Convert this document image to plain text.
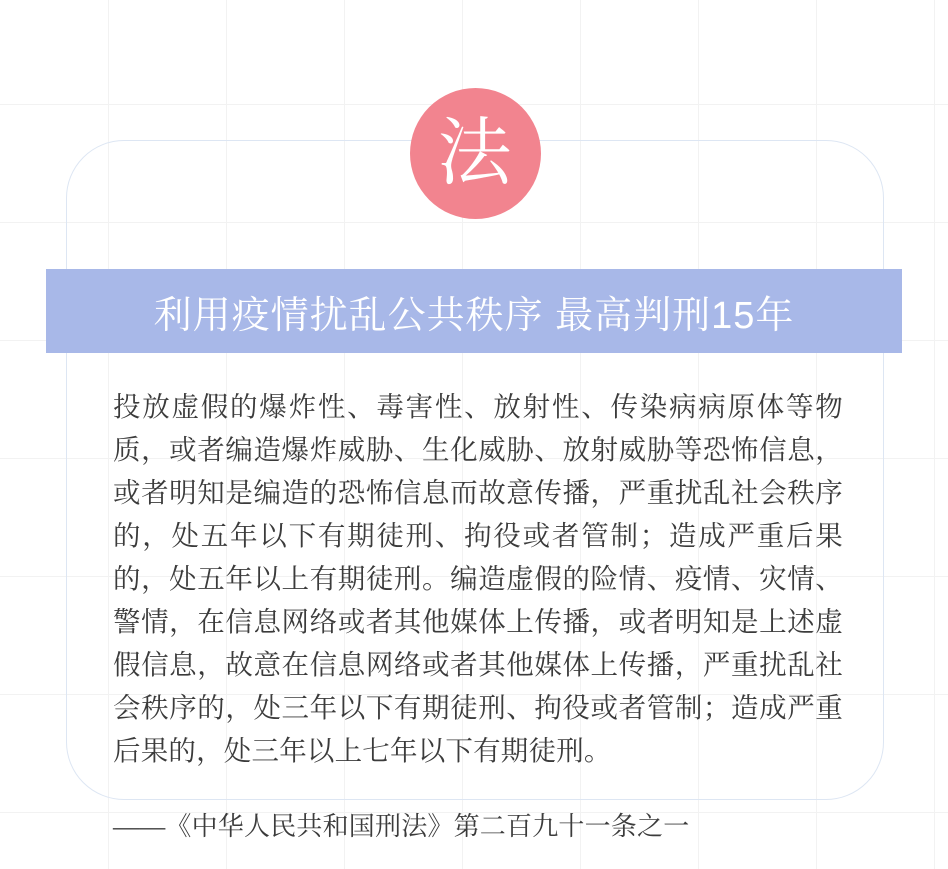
法
利用疫情扰乱公共秩序 最高判刑15年

投放虚假的爆炸性、毒害性、放射性、传染病病原体等物质，或者编造爆炸威胁、生化威胁、放射威胁等恐怖信息，或者明知是编造的恐怖信息而故意传播，严重扰乱社会秩序的，处五年以下有期徒刑、拘役或者管制；造成严重后果的，处五年以上有期徒刑。编造虚假的险情、疫情、灾情、警情，在信息网络或者其他媒体上传播，或者明知是上述虚假信息，故意在信息网络或者其他媒体上传播，严重扰乱社会秩序的，处三年以下有期徒刑、拘役或者管制；造成严重后果的，处三年以上七年以下有期徒刑。

——《中华人民共和国刑法》第二百九十一条之一
